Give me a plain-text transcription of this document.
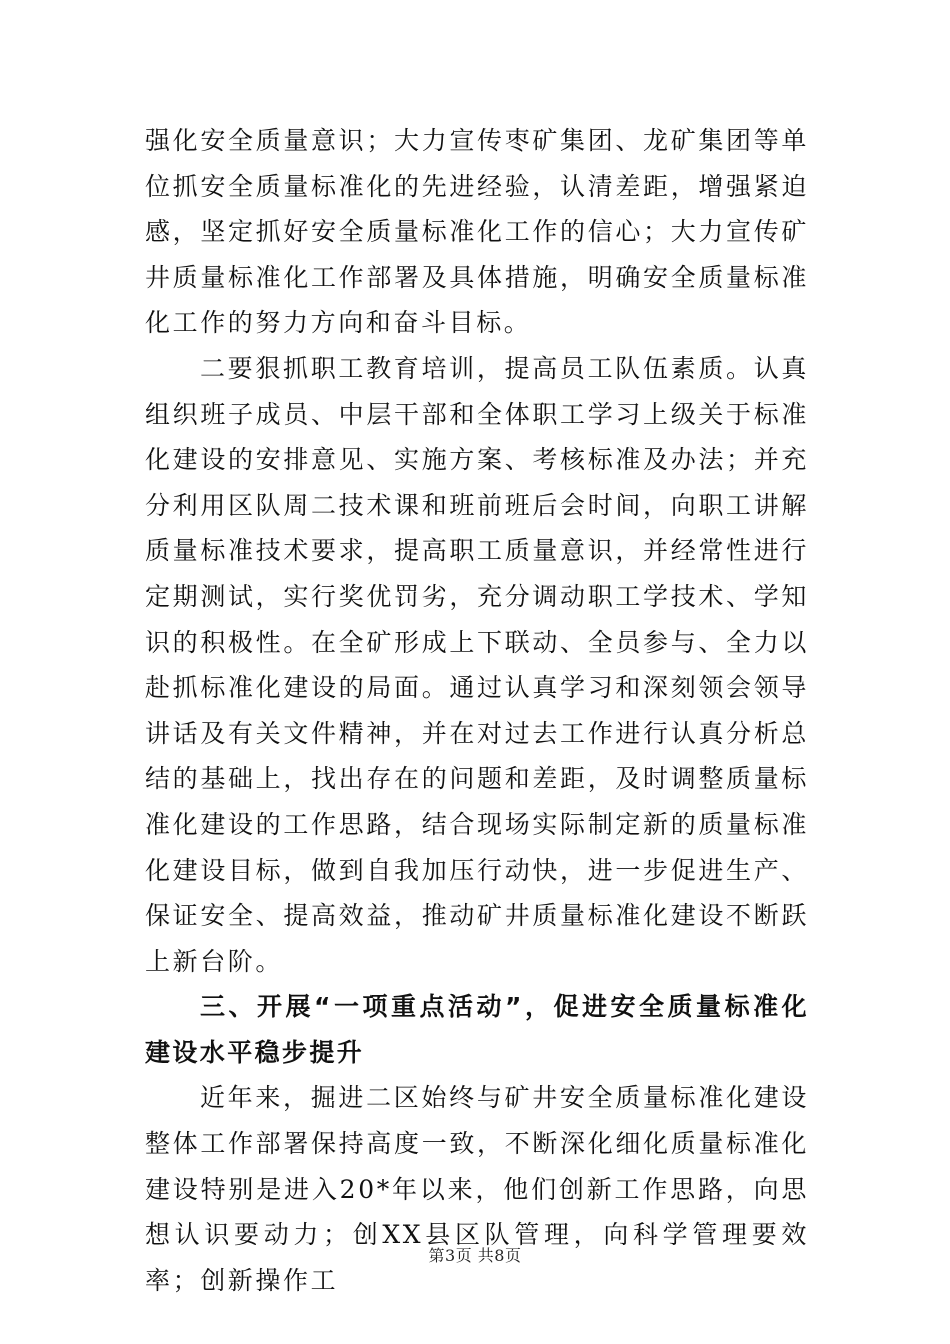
强化安全质量意识；大力宣传枣矿集团、龙矿集团等单位抓安全质量标准化的先进经验，认清差距，增强紧迫感，坚定抓好安全质量标准化工作的信心；大力宣传矿井质量标准化工作部署及具体措施，明确安全质量标准化工作的努力方向和奋斗目标。

二要狠抓职工教育培训，提高员工队伍素质。认真组织班子成员、中层干部和全体职工学习上级关于标准化建设的安排意见、实施方案、考核标准及办法；并充分利用区队周二技术课和班前班后会时间，向职工讲解质量标准技术要求，提高职工质量意识，并经常性进行定期测试，实行奖优罚劣，充分调动职工学技术、学知识的积极性。在全矿形成上下联动、全员参与、全力以赴抓标准化建设的局面。通过认真学习和深刻领会领导讲话及有关文件精神，并在对过去工作进行认真分析总结的基础上，找出存在的问题和差距，及时调整质量标准化建设的工作思路，结合现场实际制定新的质量标准化建设目标，做到自我加压行动快，进一步促进生产、保证安全、提高效益，推动矿井质量标准化建设不断跃上新台阶。

三、开展“一项重点活动”，促进安全质量标准化建设水平稳步提升

近年来，掘进二区始终与矿井安全质量标准化建设整体工作部署保持高度一致，不断深化细化质量标准化建设特别是进入20*年以来，他们创新工作思路，向思想认识要动力；创XX县区队管理，向科学管理要效率；创新操作工

第3页 共8页
